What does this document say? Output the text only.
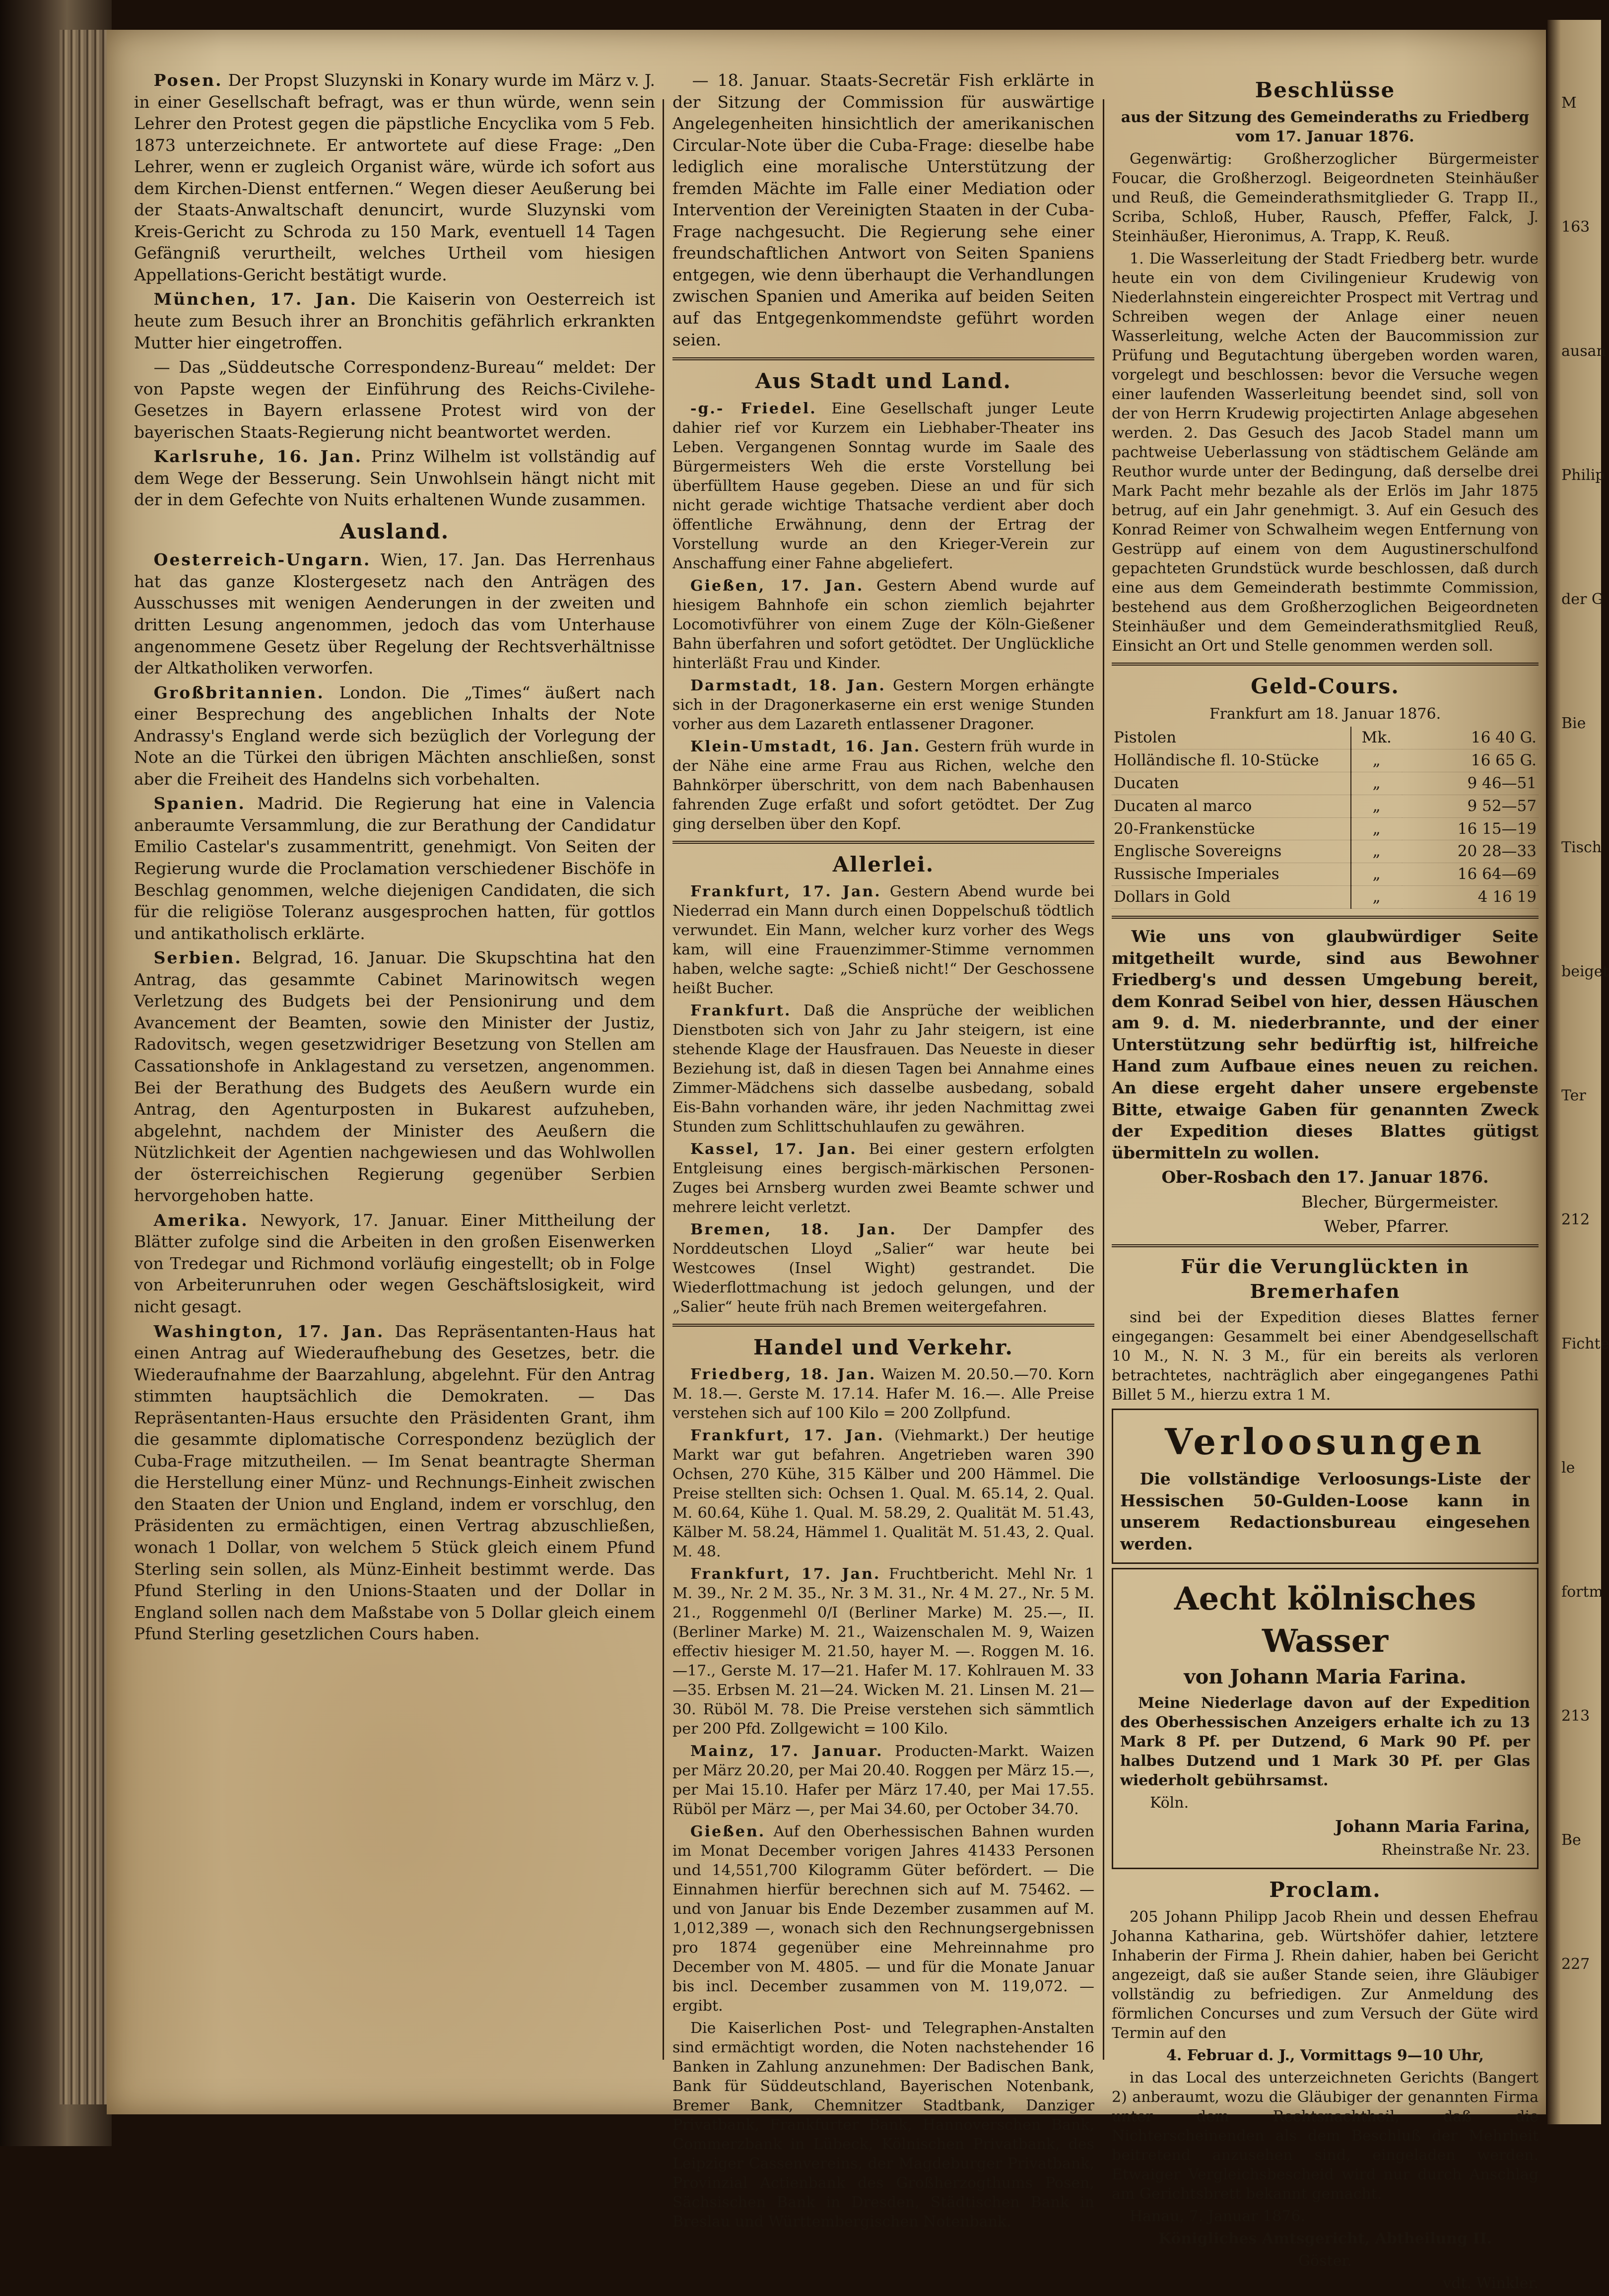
M
163
ausan
Philip
der G
Bie
Tisch
beiget
Ter
212
Fichte
le
fortm
213
Be
227

Posen. Der Propst Sluzynski in Konary wurde im März v. J. in einer Gesellschaft befragt, was er thun würde, wenn sein Lehrer den Protest gegen die päpstliche Encyclika vom 5 Feb. 1873 unterzeichnete. Er antwortete auf diese Frage: „Den Lehrer, wenn er zugleich Organist wäre, würde ich sofort aus dem Kirchen-Dienst entfernen.“ Wegen dieser Aeußerung bei der Staats-Anwaltschaft denuncirt, wurde Sluzynski vom Kreis-Gericht zu Schroda zu 150 Mark, eventuell 14 Tagen Gefängniß verurtheilt, welches Urtheil vom hiesigen Appellations-Gericht bestätigt wurde.

München, 17. Jan. Die Kaiserin von Oesterreich ist heute zum Besuch ihrer an Bronchitis gefährlich erkrankten Mutter hier eingetroffen.

— Das „Süddeutsche Correspondenz-Bureau“ meldet: Der von Papste wegen der Einführung des Reichs-Civilehe-Gesetzes in Bayern erlassene Protest wird von der bayerischen Staats-Regierung nicht beantwortet werden.

Karlsruhe, 16. Jan. Prinz Wilhelm ist vollständig auf dem Wege der Besserung. Sein Unwohlsein hängt nicht mit der in dem Gefechte von Nuits erhaltenen Wunde zusammen.

Ausland.

Oesterreich-Ungarn. Wien, 17. Jan. Das Herrenhaus hat das ganze Klostergesetz nach den Anträgen des Ausschusses mit wenigen Aenderungen in der zweiten und dritten Lesung angenommen, jedoch das vom Unterhause angenommene Gesetz über Regelung der Rechtsverhältnisse der Altkatholiken verworfen.

Großbritannien. London. Die „Times“ äußert nach einer Besprechung des angeblichen Inhalts der Note Andrassy's England werde sich bezüglich der Vorlegung der Note an die Türkei den übrigen Mächten anschließen, sonst aber die Freiheit des Handelns sich vorbehalten.

Spanien. Madrid. Die Regierung hat eine in Valencia anberaumte Versammlung, die zur Berathung der Candidatur Emilio Castelar's zusammentritt, genehmigt. Von Seiten der Regierung wurde die Proclamation verschiedener Bischöfe in Beschlag genommen, welche diejenigen Candidaten, die sich für die religiöse Toleranz ausgesprochen hatten, für gottlos und antikatholisch erklärte.

Serbien. Belgrad, 16. Januar. Die Skupschtina hat den Antrag, das gesammte Cabinet Marinowitsch wegen Verletzung des Budgets bei der Pensionirung und dem Avancement der Beamten, sowie den Minister der Justiz, Radovitsch, wegen gesetzwidriger Besetzung von Stellen am Cassationshofe in Anklagestand zu versetzen, angenommen. Bei der Berathung des Budgets des Aeußern wurde ein Antrag, den Agenturposten in Bukarest aufzuheben, abgelehnt, nachdem der Minister des Aeußern die Nützlichkeit der Agentien nachgewiesen und das Wohlwollen der österreichischen Regierung gegenüber Serbien hervorgehoben hatte.

Amerika. Newyork, 17. Januar. Einer Mittheilung der Blätter zufolge sind die Arbeiten in den großen Eisenwerken von Tredegar und Richmond vorläufig eingestellt; ob in Folge von Arbeiterunruhen oder wegen Geschäftslosigkeit, wird nicht gesagt.

Washington, 17. Jan. Das Repräsentanten-Haus hat einen Antrag auf Wiederaufhebung des Gesetzes, betr. die Wiederaufnahme der Baarzahlung, abgelehnt. Für den Antrag stimmten hauptsächlich die Demokraten. — Das Repräsentanten-Haus ersuchte den Präsidenten Grant, ihm die gesammte diplomatische Correspondenz bezüglich der Cuba-Frage mitzutheilen. — Im Senat beantragte Sherman die Herstellung einer Münz- und Rechnungs-Einheit zwischen den Staaten der Union und England, indem er vorschlug, den Präsidenten zu ermächtigen, einen Vertrag abzuschließen, wonach 1 Dollar, von welchem 5 Stück gleich einem Pfund Sterling sein sollen, als Münz-Einheit bestimmt werde. Das Pfund Sterling in den Unions-Staaten und der Dollar in England sollen nach dem Maßstabe von 5 Dollar gleich einem Pfund Sterling gesetzlichen Cours haben.

— 18. Januar. Staats-Secretär Fish erklärte in der Sitzung der Commission für auswärtige Angelegenheiten hinsichtlich der amerikanischen Circular-Note über die Cuba-Frage: dieselbe habe lediglich eine moralische Unterstützung der fremden Mächte im Falle einer Mediation oder Intervention der Vereinigten Staaten in der Cuba-Frage nachgesucht. Die Regierung sehe einer freundschaftlichen Antwort von Seiten Spaniens entgegen, wie denn überhaupt die Verhandlungen zwischen Spanien und Amerika auf beiden Seiten auf das Entgegenkommendste geführt worden seien.

Aus Stadt und Land.

-g.- Friedel. Eine Gesellschaft junger Leute dahier rief vor Kurzem ein Liebhaber-Theater ins Leben. Vergangenen Sonntag wurde im Saale des Bürgermeisters Weh die erste Vorstellung bei überfülltem Hause gegeben. Diese an und für sich nicht gerade wichtige Thatsache verdient aber doch öffentliche Erwähnung, denn der Ertrag der Vorstellung wurde an den Krieger-Verein zur Anschaffung einer Fahne abgeliefert.

Gießen, 17. Jan. Gestern Abend wurde auf hiesigem Bahnhofe ein schon ziemlich bejahrter Locomotivführer von einem Zuge der Köln-Gießener Bahn überfahren und sofort getödtet. Der Unglückliche hinterläßt Frau und Kinder.

Darmstadt, 18. Jan. Gestern Morgen erhängte sich in der Dragonerkaserne ein erst wenige Stunden vorher aus dem Lazareth entlassener Dragoner.

Klein-Umstadt, 16. Jan. Gestern früh wurde in der Nähe eine arme Frau aus Richen, welche den Bahnkörper überschritt, von dem nach Babenhausen fahrenden Zuge erfaßt und sofort getödtet. Der Zug ging derselben über den Kopf.

Allerlei.

Frankfurt, 17. Jan. Gestern Abend wurde bei Niederrad ein Mann durch einen Doppelschuß tödtlich verwundet. Ein Mann, welcher kurz vorher des Wegs kam, will eine Frauenzimmer-Stimme vernommen haben, welche sagte: „Schieß nicht!“ Der Geschossene heißt Bucher.

Frankfurt. Daß die Ansprüche der weiblichen Dienstboten sich von Jahr zu Jahr steigern, ist eine stehende Klage der Hausfrauen. Das Neueste in dieser Beziehung ist, daß in diesen Tagen bei Annahme eines Zimmer-Mädchens sich dasselbe ausbedang, sobald Eis-Bahn vorhanden wäre, ihr jeden Nachmittag zwei Stunden zum Schlittschuhlaufen zu gewähren.

Kassel, 17. Jan. Bei einer gestern erfolgten Entgleisung eines bergisch-märkischen Personen-Zuges bei Arnsberg wurden zwei Beamte schwer und mehrere leicht verletzt.

Bremen, 18. Jan. Der Dampfer des Norddeutschen Lloyd „Salier“ war heute bei Westcowes (Insel Wight) gestrandet. Die Wiederflottmachung ist jedoch gelungen, und der „Salier“ heute früh nach Bremen weitergefahren.

Handel und Verkehr.

Friedberg, 18. Jan. Waizen M. 20.50.—70. Korn M. 18.—. Gerste M. 17.14. Hafer M. 16.—. Alle Preise verstehen sich auf 100 Kilo = 200 Zollpfund.

Frankfurt, 17. Jan. (Viehmarkt.) Der heutige Markt war gut befahren. Angetrieben waren 390 Ochsen, 270 Kühe, 315 Kälber und 200 Hämmel. Die Preise stellten sich: Ochsen 1. Qual. M. 65.14, 2. Qual. M. 60.64, Kühe 1. Qual. M. 58.29, 2. Qualität M. 51.43, Kälber M. 58.24, Hämmel 1. Qualität M. 51.43, 2. Qual. M. 48.

Frankfurt, 17. Jan. Fruchtbericht. Mehl Nr. 1 M. 39., Nr. 2 M. 35., Nr. 3 M. 31., Nr. 4 M. 27., Nr. 5 M. 21., Roggenmehl 0/I (Berliner Marke) M. 25.—, II. (Berliner Marke) M. 21., Waizenschalen M. 9, Waizen effectiv hiesiger M. 21.50, hayer M. —. Roggen M. 16.—17., Gerste M. 17—21. Hafer M. 17. Kohlrauen M. 33—35. Erbsen M. 21—24. Wicken M. 21. Linsen M. 21—30. Rüböl M. 78. Die Preise verstehen sich sämmtlich per 200 Pfd. Zollgewicht = 100 Kilo.

Mainz, 17. Januar. Producten-Markt. Waizen per März 20.20, per Mai 20.40. Roggen per März 15.—, per Mai 15.10. Hafer per März 17.40, per Mai 17.55. Rüböl per März —, per Mai 34.60, per October 34.70.

Gießen. Auf den Oberhessischen Bahnen wurden im Monat December vorigen Jahres 41433 Personen und 14,551,700 Kilogramm Güter befördert. — Die Einnahmen hierfür berechnen sich auf M. 75462. — und von Januar bis Ende Dezember zusammen auf M. 1,012,389 —, wonach sich den Rechnungsergebnissen pro 1874 gegenüber eine Mehreinnahme pro December von M. 4805. — und für die Monate Januar bis incl. December zusammen von M. 119,072. — ergibt.

Die Kaiserlichen Post- und Telegraphen-Anstalten sind ermächtigt worden, die Noten nachstehender 16 Banken in Zahlung anzunehmen: Der Badischen Bank, Bank für Süddeutschland, Bayerischen Notenbank, Bremer Bank, Chemnitzer Stadtbank, Danziger Privatbank, Frankfurter Bank, Hannoverschen Bank, Commerzbank in Lübeck, Kölnischen Privatbank, des Leipziger Cassenvereins, der Magdeburger Privatbank, Provinzial Actienbank des Großherzogthums Posen, Sächsischen Bank in Dresden, Städtischen Bank in Breslau und Württembergischen Notenbank.

Beschlüsse

aus der Sitzung des Gemeinderaths zu Friedberg vom 17. Januar 1876.

Gegenwärtig: Großherzoglicher Bürgermeister Foucar, die Großherzogl. Beigeordneten Steinhäußer und Reuß, die Gemeinderathsmitglieder G. Trapp II., Scriba, Schloß, Huber, Rausch, Pfeffer, Falck, J. Steinhäußer, Hieronimus, A. Trapp, K. Reuß.

1. Die Wasserleitung der Stadt Friedberg betr. wurde heute ein von dem Civilingenieur Krudewig von Niederlahnstein eingereichter Prospect mit Vertrag und Schreiben wegen der Anlage einer neuen Wasserleitung, welche Acten der Baucommission zur Prüfung und Begutachtung übergeben worden waren, vorgelegt und beschlossen: bevor die Versuche wegen einer laufenden Wasserleitung beendet sind, soll von der von Herrn Krudewig projectirten Anlage abgesehen werden. 2. Das Gesuch des Jacob Stadel mann um pachtweise Ueberlassung von städtischem Gelände am Reuthor wurde unter der Bedingung, daß derselbe drei Mark Pacht mehr bezahle als der Erlös im Jahr 1875 betrug, auf ein Jahr genehmigt. 3. Auf ein Gesuch des Konrad Reimer von Schwalheim wegen Entfernung von Gestrüpp auf einem von dem Augustinerschulfond gepachteten Grundstück wurde beschlossen, daß durch eine aus dem Gemeinderath bestimmte Commission, bestehend aus dem Großherzoglichen Beigeordneten Steinhäußer und dem Gemeinderathsmitglied Reuß, Einsicht an Ort und Stelle genommen werden soll.

Geld-Cours.

Frankfurt am 18. Januar 1876.

Pistolen	Mk.	16 40 G.
Holländische fl. 10-Stücke	„	16 65 G.
Ducaten	„	9 46—51
Ducaten al marco	„	9 52—57
20-Frankenstücke	„	16 15—19
Englische Sovereigns	„	20 28—33
Russische Imperiales	„	16 64—69
Dollars in Gold	„	4 16 19

Wie uns von glaubwürdiger Seite mitgetheilt wurde, sind aus Bewohner Friedberg's und dessen Umgebung bereit, dem Konrad Seibel von hier, dessen Häuschen am 9. d. M. niederbrannte, und der einer Unterstützung sehr bedürftig ist, hilfreiche Hand zum Aufbaue eines neuen zu reichen. An diese ergeht daher unsere ergebenste Bitte, etwaige Gaben für genannten Zweck der Expedition dieses Blattes gütigst übermitteln zu wollen.

Ober-Rosbach den 17. Januar 1876.

Blecher, Bürgermeister.

Weber, Pfarrer.

Für die Verunglückten in Bremerhafen

sind bei der Expedition dieses Blattes ferner eingegangen: Gesammelt bei einer Abendgesellschaft 10 M., N. N. 3 M., für ein bereits als verloren betrachtetes, nachträglich aber eingegangenes Pathi Billet 5 M., hierzu extra 1 M.

Verloosungen

Die vollständige Verloosungs-Liste der Hessischen 50-Gulden-Loose kann in unserem Redactionsbureau eingesehen werden.

Aecht kölnisches Wasser

von Johann Maria Farina.

Meine Niederlage davon auf der Expedition des Oberhessischen Anzeigers erhalte ich zu 13 Mark 8 Pf. per Dutzend, 6 Mark 90 Pf. per halbes Dutzend und 1 Mark 30 Pf. per Glas wiederholt gebührsamst.

Köln.

Johann Maria Farina,

Rheinstraße Nr. 23.

Proclam.

205 Johann Philipp Jacob Rhein und dessen Ehefrau Johanna Katharina, geb. Würtshöfer dahier, letztere Inhaberin der Firma J. Rhein dahier, haben bei Gericht angezeigt, daß sie außer Stande seien, ihre Gläubiger vollständig zu befriedigen. Zur Anmeldung des förmlichen Concurses und zum Versuch der Güte wird Termin auf den

4. Februar d. J., Vormittags 9—10 Uhr,

in das Local des unterzeichneten Gerichts (Bangert 2) anberaumt, wozu die Gläubiger der genannten Firma unter dem Rechtsnachtheil, daß die Nichterscheinenden als dem Beschluß der Mehrheit beitretend anzusehen sind, eingeladen werden. Etwaiger Vergleichsbescheid wird nur durch Anschlag am Gerichtsbrett bekannt gemacht.

Hanau, 7. Januar 1876.

Königliches Amtsgericht, Abtheilung II.

Göster.

vdt. Winkler.
